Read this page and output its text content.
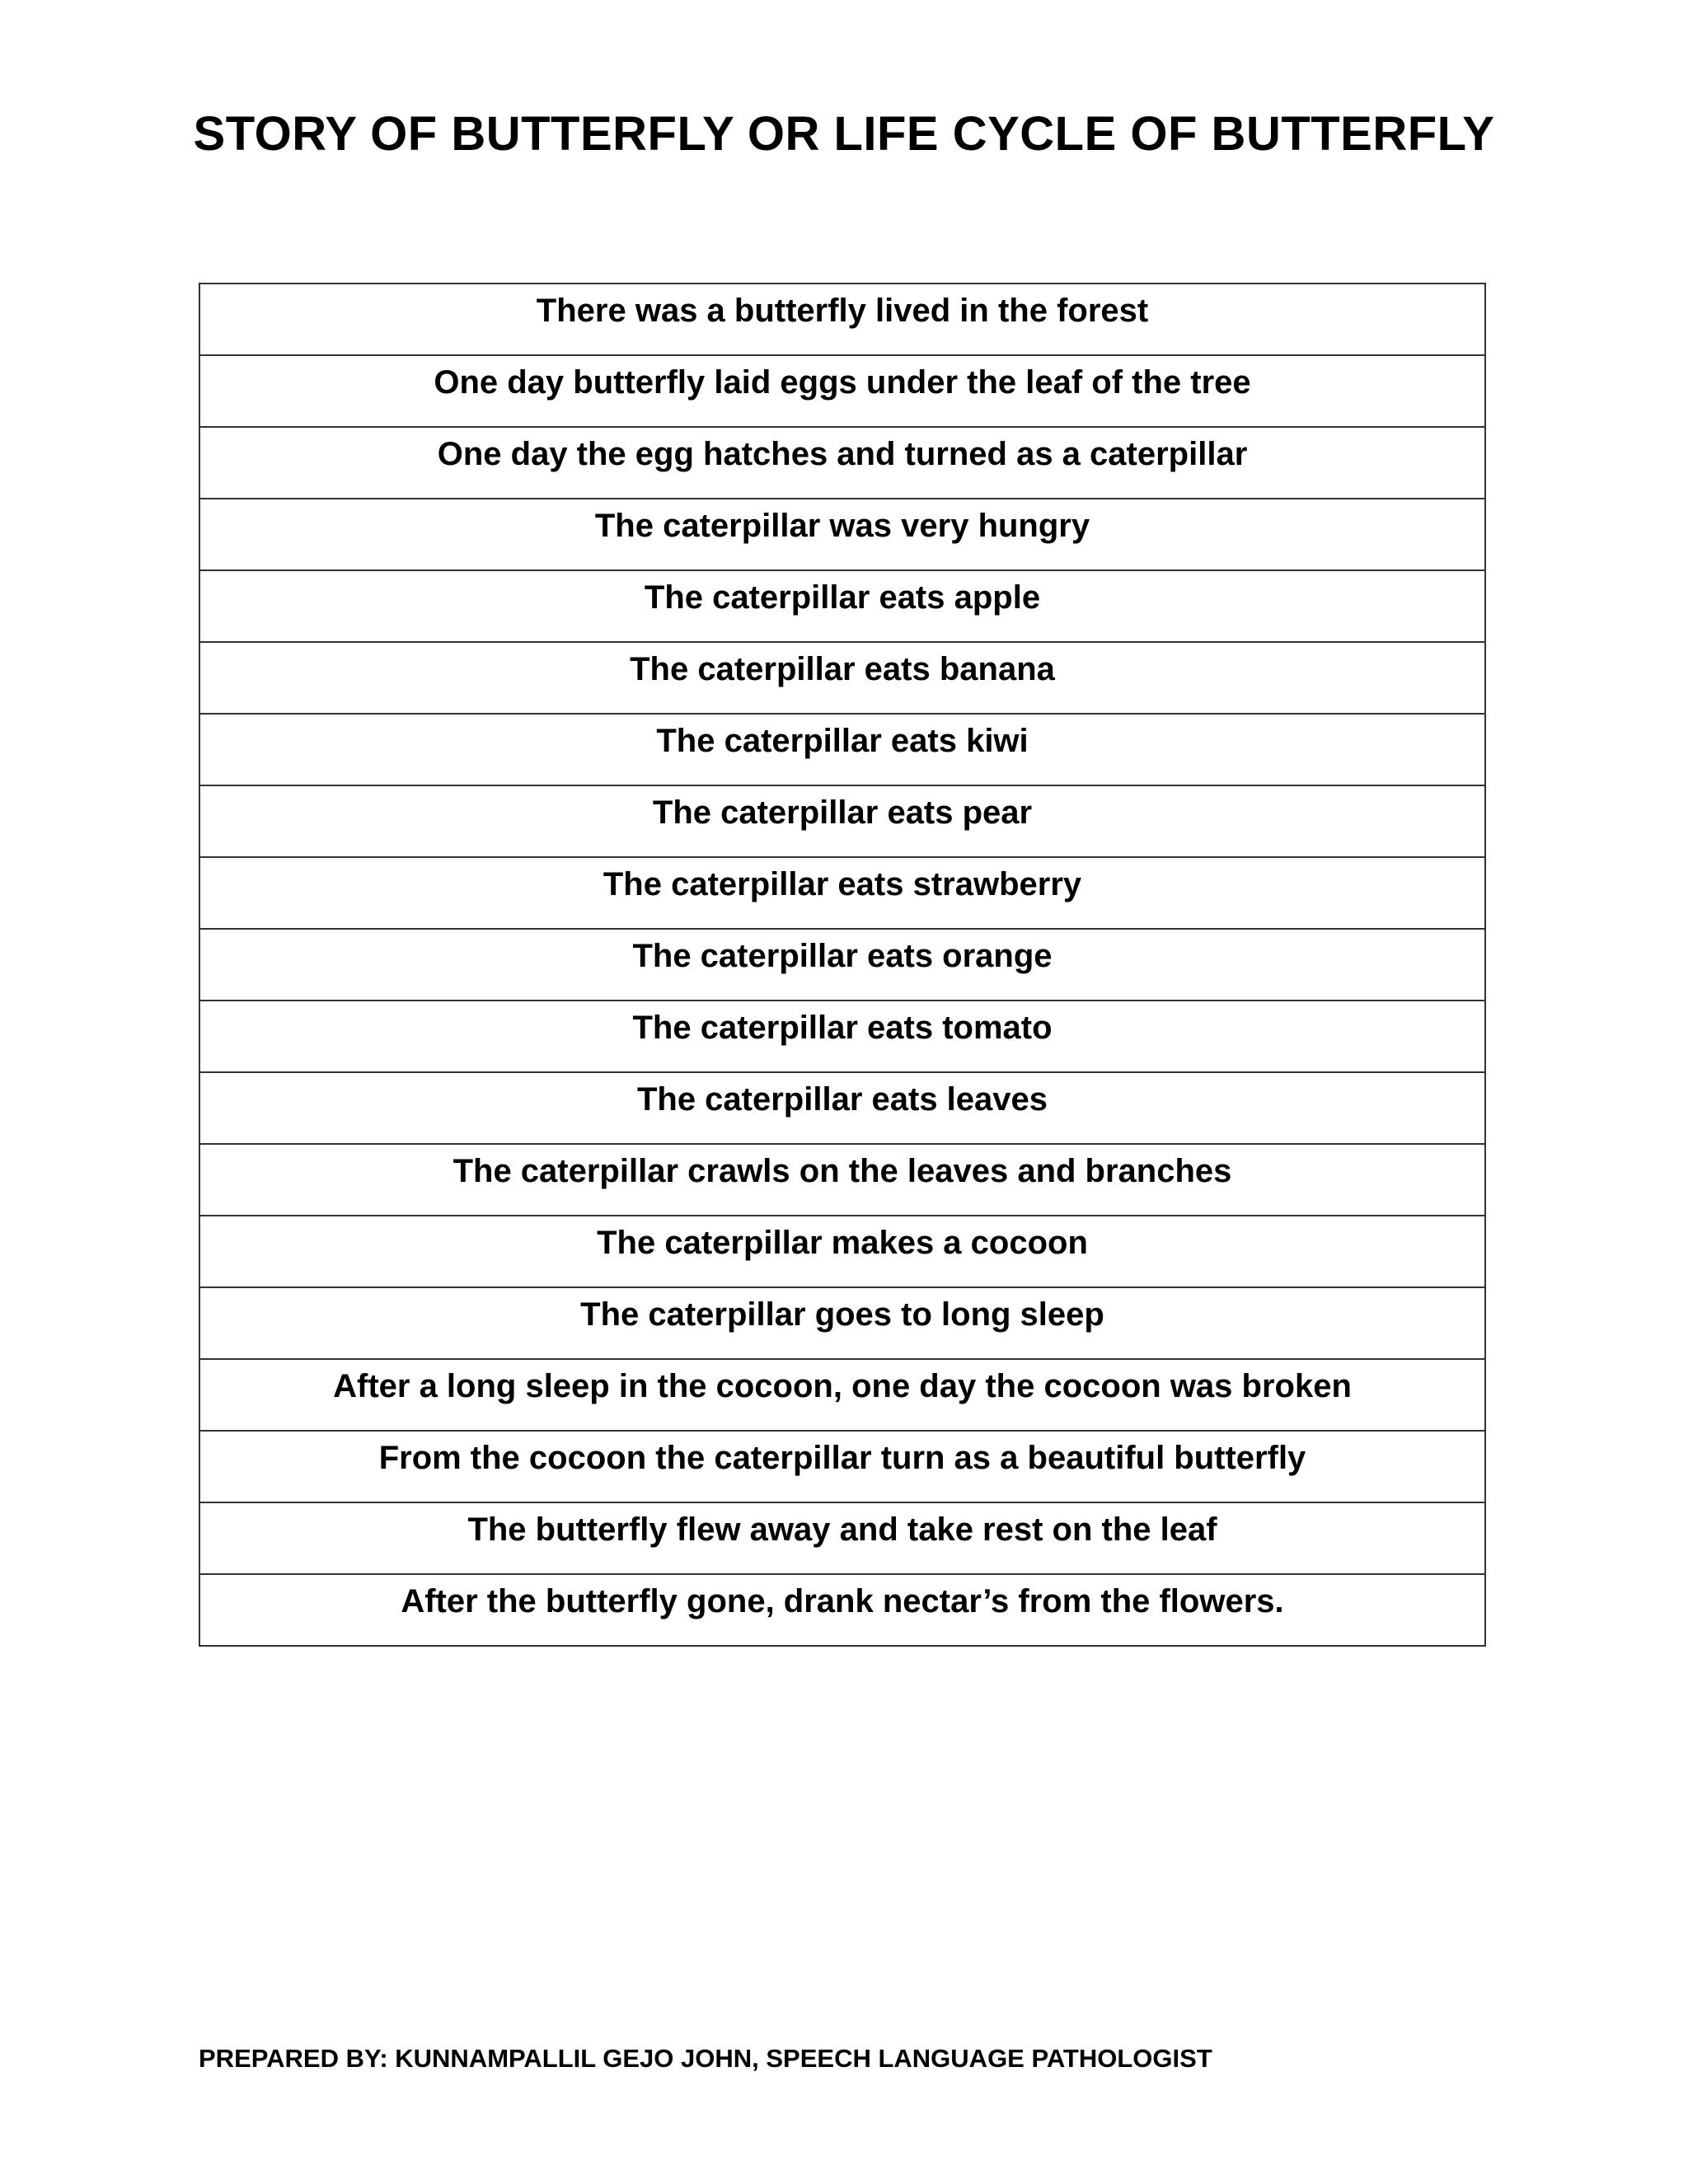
STORY OF BUTTERFLY OR LIFE CYCLE OF BUTTERFLY
There was a butterfly lived in the forest
One day butterfly laid eggs under the leaf of the tree
One day the egg hatches and turned as a caterpillar
The caterpillar was very hungry
The caterpillar eats apple
The caterpillar eats banana
The caterpillar eats kiwi
The caterpillar eats pear
The caterpillar eats strawberry
The caterpillar eats orange
The caterpillar eats tomato
The caterpillar eats leaves
The caterpillar crawls on the leaves and branches
The caterpillar makes a cocoon
The caterpillar goes to long sleep
After a long sleep in the cocoon, one day the cocoon was broken
From the cocoon the caterpillar turn as a beautiful butterfly
The butterfly flew away and take rest on the leaf
After the butterfly gone, drank nectar’s from the flowers.
PREPARED BY: KUNNAMPALLIL GEJO JOHN, SPEECH LANGUAGE PATHOLOGIST
